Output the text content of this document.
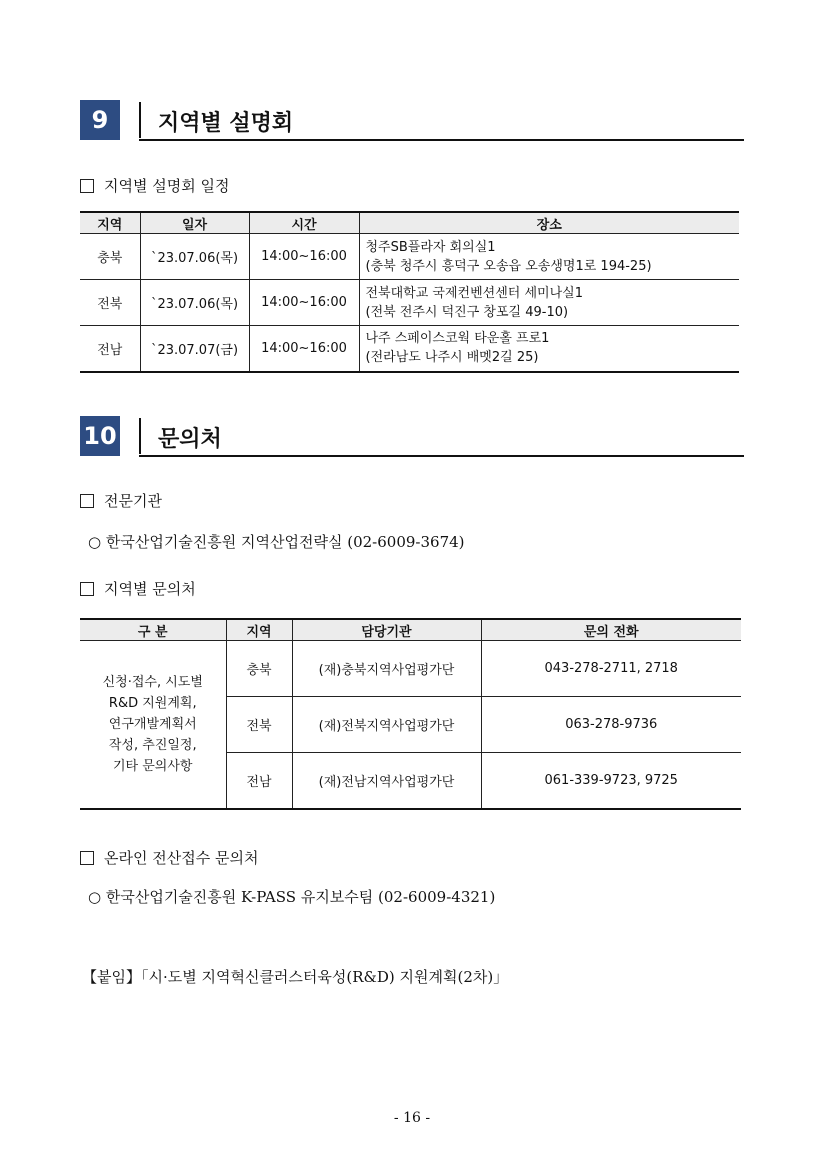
9	지역별 설명회
지역별 설명회 일정
지역	일자	시간	장소
충북	`23.07.06(목)	14:00~16:00	청주SB플라자 회의실1
(충북 청주시 흥덕구 오송읍 오송생명1로 194-25)

전북	`23.07.06(목)	14:00~16:00	전북대학교 국제컨벤션센터 세미나실1
(전북 전주시 덕진구 창포길 49-10)

전남	`23.07.07(금)	14:00~16:00	나주 스페이스코웍 타운홀 프로1
(전라남도 나주시 배멧2길 25)
10 문의처
전문기관
○ 한국산업기술진흥원 지역산업전략실 (02-6009-3674)
지역별 문의처
구 분	지역	담당기관	문의 전화

신청·접수, 시도별
R&D 지원계획,
연구개발계획서
작성, 추진일정,
기타 문의사항	충북	(재)충북지역사업평가단	043-278-2711, 2718
	전북	(재)전북지역사업평가단	063-278-9736
	전남	(재)전남지역사업평가단	061-339-9723, 9725
온라인 전산접수 문의처
○ 한국산업기술진흥원 K-PASS 유지보수팀 (02-6009-4321)
【붙임】「시·도별 지역혁신클러스터육성(R&D) 지원계획(2차)」
- 16 -
